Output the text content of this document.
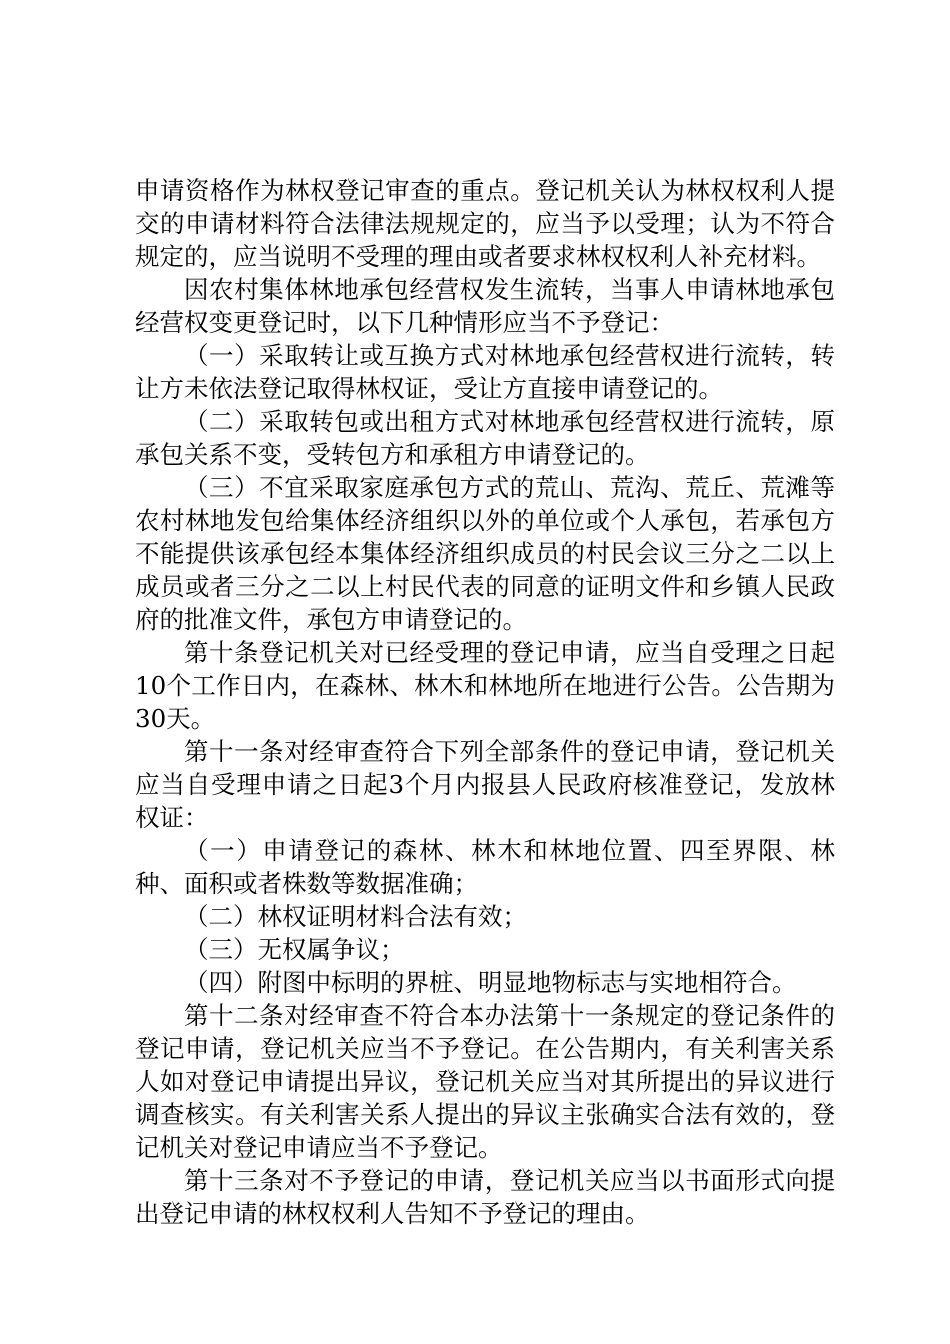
申请资格作为林权登记审查的重点。登记机关认为林权权利人提交的申请材料符合法律法规规定的，应当予以受理；认为不符合规定的，应当说明不受理的理由或者要求林权权利人补充材料。

因农村集体林地承包经营权发生流转，当事人申请林地承包经营权变更登记时，以下几种情形应当不予登记：

（一）采取转让或互换方式对林地承包经营权进行流转，转让方未依法登记取得林权证，受让方直接申请登记的。

（二）采取转包或出租方式对林地承包经营权进行流转，原承包关系不变，受转包方和承租方申请登记的。

（三）不宜采取家庭承包方式的荒山、荒沟、荒丘、荒滩等农村林地发包给集体经济组织以外的单位或个人承包，若承包方不能提供该承包经本集体经济组织成员的村民会议三分之二以上成员或者三分之二以上村民代表的同意的证明文件和乡镇人民政府的批准文件，承包方申请登记的。

第十条登记机关对已经受理的登记申请，应当自受理之日起10个工作日内，在森林、林木和林地所在地进行公告。公告期为30天。

第十一条对经审查符合下列全部条件的登记申请，登记机关应当自受理申请之日起3个月内报县人民政府核准登记，发放林权证：

（一）申请登记的森林、林木和林地位置、四至界限、林种、面积或者株数等数据准确；

（二）林权证明材料合法有效；

（三）无权属争议；

（四）附图中标明的界桩、明显地物标志与实地相符合。

第十二条对经审查不符合本办法第十一条规定的登记条件的登记申请，登记机关应当不予登记。在公告期内，有关利害关系人如对登记申请提出异议，登记机关应当对其所提出的异议进行调查核实。有关利害关系人提出的异议主张确实合法有效的，登记机关对登记申请应当不予登记。

第十三条对不予登记的申请，登记机关应当以书面形式向提出登记申请的林权权利人告知不予登记的理由。
